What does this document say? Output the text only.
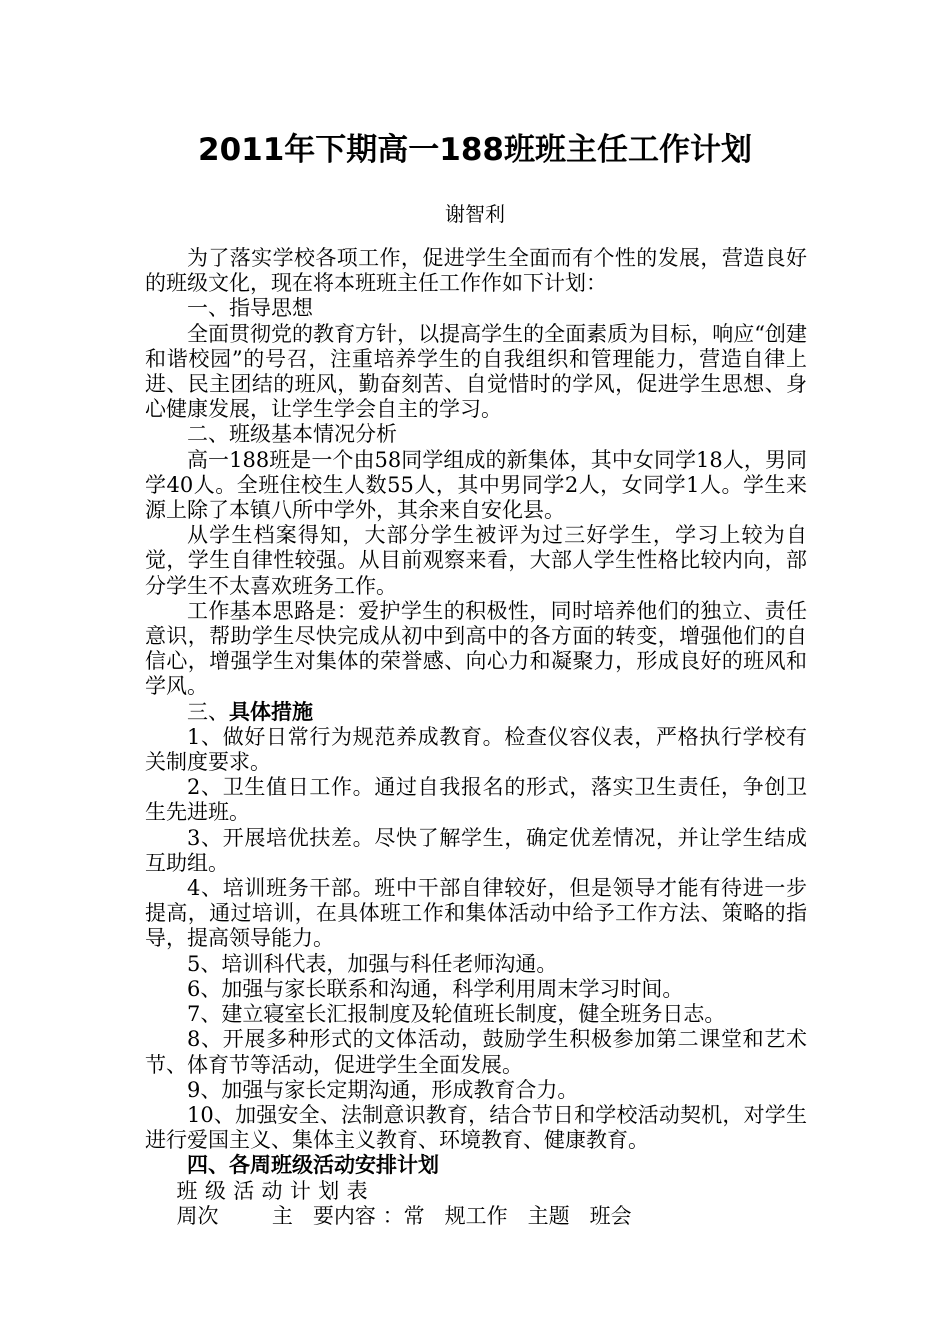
2011年下期高一188班班主任工作计划
谢智利

为了落实学校各项工作，促进学生全面而有个性的发展，营造良好的班级文化，现在将本班班主任工作作如下计划：

一、指导思想

全面贯彻党的教育方针，以提高学生的全面素质为目标，响应“创建和谐校园”的号召，注重培养学生的自我组织和管理能力，营造自律上进、民主团结的班风，勤奋刻苦、自觉惜时的学风，促进学生思想、身心健康发展，让学生学会自主的学习。

二、班级基本情况分析

高一188班是一个由58同学组成的新集体，其中女同学18人，男同学40人。全班住校生人数55人，其中男同学2人，女同学1人。学生来源上除了本镇八所中学外，其余来自安化县。

从学生档案得知，大部分学生被评为过三好学生，学习上较为自觉，学生自律性较强。从目前观察来看，大部人学生性格比较内向，部分学生不太喜欢班务工作。

工作基本思路是：爱护学生的积极性，同时培养他们的独立、责任意识，帮助学生尽快完成从初中到高中的各方面的转变，增强他们的自信心，增强学生对集体的荣誉感、向心力和凝聚力，形成良好的班风和学风。

三、具体措施

1、做好日常行为规范养成教育。检查仪容仪表，严格执行学校有关制度要求。

2、卫生值日工作。通过自我报名的形式，落实卫生责任，争创卫生先进班。

3、开展培优扶差。尽快了解学生，确定优差情况，并让学生结成互助组。

4、培训班务干部。班中干部自律较好，但是领导才能有待进一步提高，通过培训，在具体班工作和集体活动中给予工作方法、策略的指导，提高领导能力。

5、培训科代表，加强与科任老师沟通。

6、加强与家长联系和沟通，科学利用周末学习时间。

7、建立寝室长汇报制度及轮值班长制度，健全班务日志。

8、开展多种形式的文体活动，鼓励学生积极参加第二课堂和艺术节、体育节等活动，促进学生全面发展。

9、加强与家长定期沟通，形成教育合力。

10、加强安全、法制意识教育，结合节日和学校活动契机，对学生进行爱国主义、集体主义教育、环境教育、健康教育。

四、各周班级活动安排计划

班级活动计划表

周次        主   要内容 ：常   规工作   主题   班会
